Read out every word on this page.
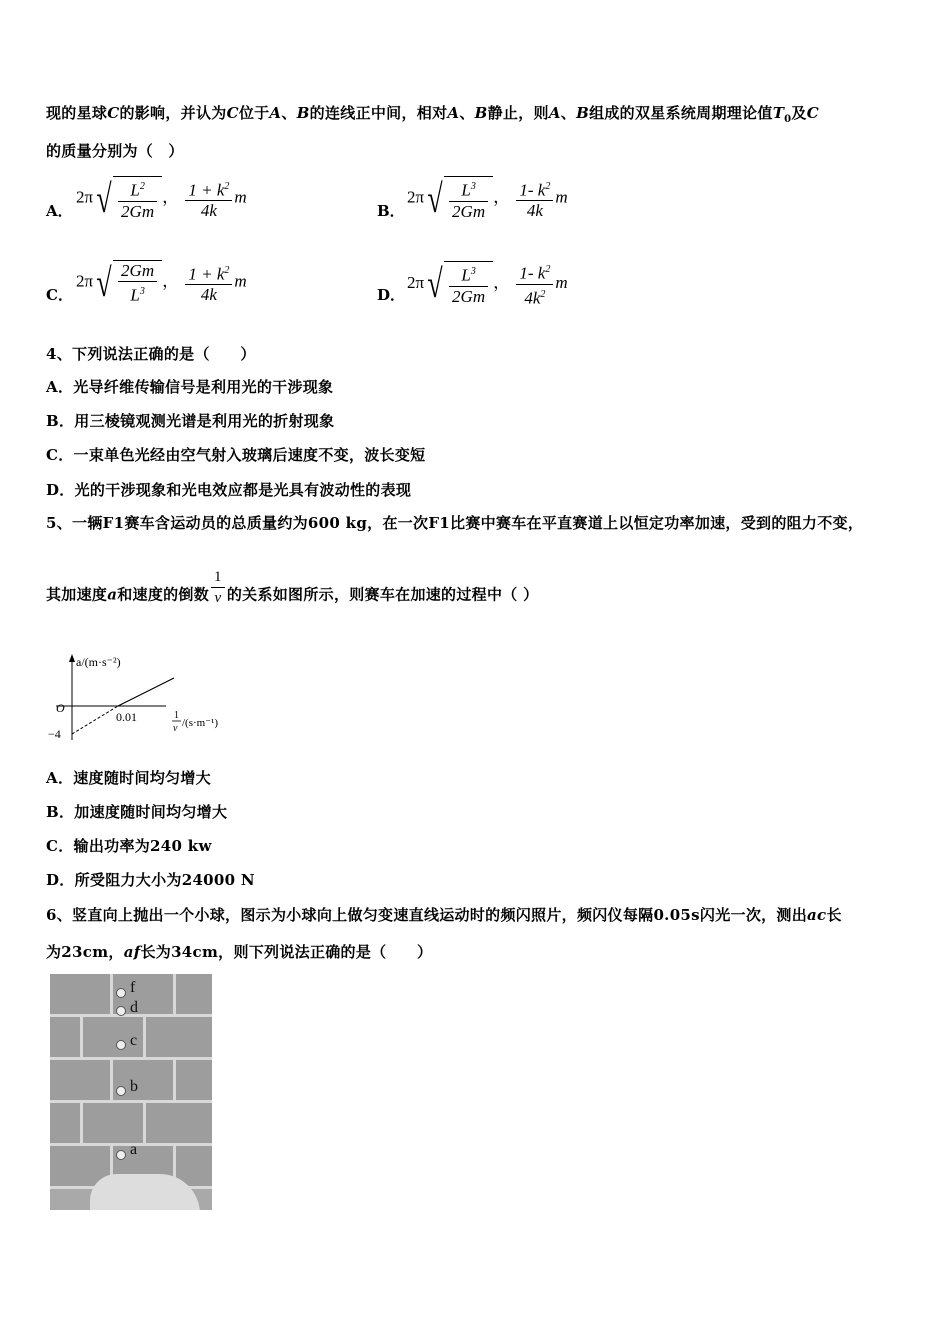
现的星球C的影响，并认为C位于A、B的连线正中间，相对A、B静止，则A、B组成的双星系统周期理论值$T_0$及C
的质量分别为（　）
A．
2π √ $\frac{L^2}{2Gm}$ ， $\frac{1 + k^2}{4k}$ m
B．
2π √ $\frac{L^3}{2Gm}$ ， $\frac{1- k^2}{4k}$ m
C．
2π √ $\frac{2Gm}{L^3}$ ， $\frac{1 + k^2}{4k}$ m
D．
2π √ $\frac{L^3}{2Gm}$ ， $\frac{1- k^2}{4k^2}$ m
4、下列说法正确的是（　　）
A．光导纤维传输信号是利用光的干涉现象
B．用三棱镜观测光谱是利用光的折射现象
C．一束单色光经由空气射入玻璃后速度不变，波长变短
D．光的干涉现象和光电效应都是光具有波动性的表现
5、一辆F1赛车含运动员的总质量约为600 kg，在一次F1比赛中赛车在平直赛道上以恒定功率加速，受到的阻力不变，
其加速度a和速度的倒数 $\frac{1}{v}$ 的关系如图所示，则赛车在加速的过程中（ ）
a/(m·s⁻²)
O
−4
0.01	1
v /(s·m⁻¹)
A．速度随时间均匀增大
B．加速度随时间均匀增大
C．输出功率为240 kw
D．所受阻力大小为24000 N
6、竖直向上抛出一个小球，图示为小球向上做匀变速直线运动时的频闪照片，频闪仪每隔0.05s闪光一次，测出ac长
为23cm，af长为34cm，则下列说法正确的是（　　）
f
d
c
b
a
